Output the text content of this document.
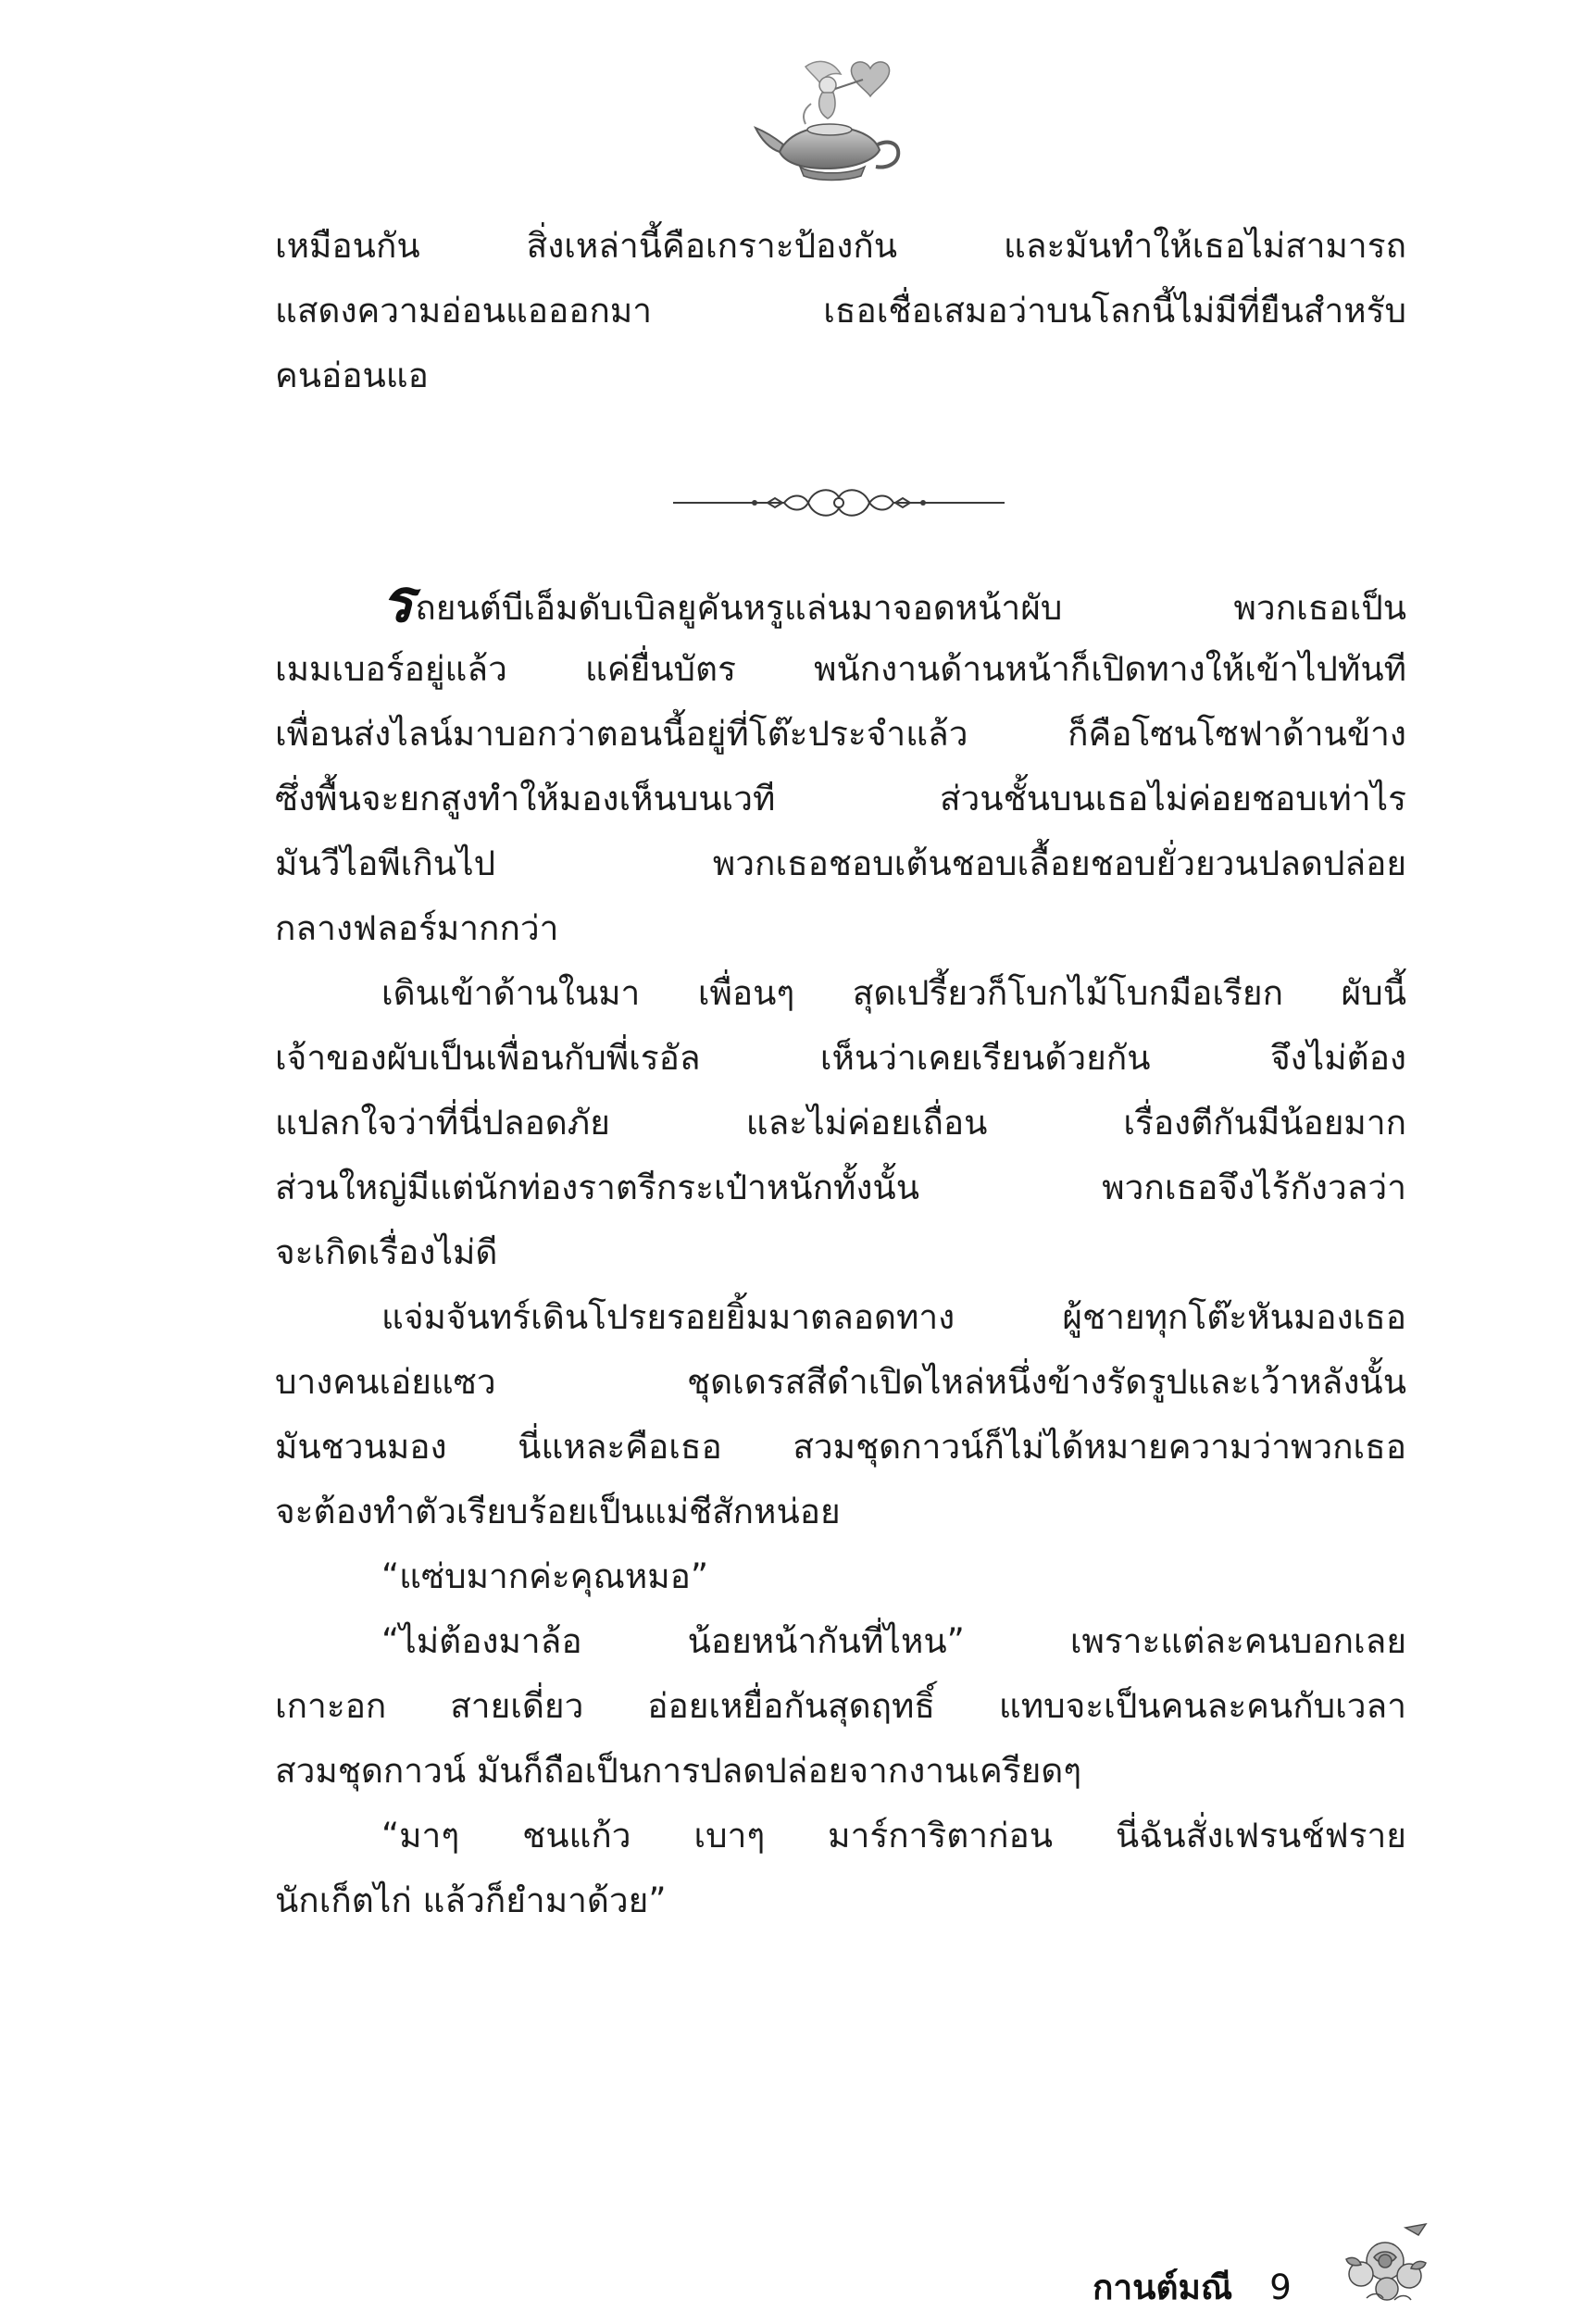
เหมือนกัน สิ่งเหล่านี้คือเกราะป้องกัน และมันทำให้เธอไม่สามารถ
แสดงความอ่อนแอออกมา เธอเชื่อเสมอว่าบนโลกนี้ไม่มีที่ยืนสำหรับ
คนอ่อนแอ
รถยนต์บีเอ็มดับเบิลยูคันหรูแล่นมาจอดหน้าผับ พวกเธอเป็น
เมมเบอร์อยู่แล้ว แค่ยื่นบัตร พนักงานด้านหน้าก็เปิดทางให้เข้าไปทันที
เพื่อนส่งไลน์มาบอกว่าตอนนี้อยู่ที่โต๊ะประจำแล้ว ก็คือโซนโซฟาด้านข้าง
ซึ่งพื้นจะยกสูงทำให้มองเห็นบนเวที ส่วนชั้นบนเธอไม่ค่อยชอบเท่าไร
มันวีไอพีเกินไป พวกเธอชอบเต้นชอบเลื้อยชอบยั่วยวนปลดปล่อย
กลางฟลอร์มากกว่า
เดินเข้าด้านในมา เพื่อนๆ สุดเปรี้ยวก็โบกไม้โบกมือเรียก ผับนี้
เจ้าของผับเป็นเพื่อนกับพี่เรอัล เห็นว่าเคยเรียนด้วยกัน จึงไม่ต้อง
แปลกใจว่าที่นี่ปลอดภัย และไม่ค่อยเถื่อน เรื่องตีกันมีน้อยมาก
ส่วนใหญ่มีแต่นักท่องราตรีกระเป๋าหนักทั้งนั้น พวกเธอจึงไร้กังวลว่า
จะเกิดเรื่องไม่ดี
แจ่มจันทร์เดินโปรยรอยยิ้มมาตลอดทาง ผู้ชายทุกโต๊ะหันมองเธอ
บางคนเอ่ยแซว ชุดเดรสสีดำเปิดไหล่หนึ่งข้างรัดรูปและเว้าหลังนั้น
มันชวนมอง นี่แหละคือเธอ สวมชุดกาวน์ก็ไม่ได้หมายความว่าพวกเธอ
จะต้องทำตัวเรียบร้อยเป็นแม่ชีสักหน่อย
“แซ่บมากค่ะคุณหมอ”
“ไม่ต้องมาล้อ น้อยหน้ากันที่ไหน” เพราะแต่ละคนบอกเลย
เกาะอก สายเดี่ยว อ่อยเหยื่อกันสุดฤทธิ์ แทบจะเป็นคนละคนกับเวลา
สวมชุดกาวน์ มันก็ถือเป็นการปลดปล่อยจากงานเครียดๆ
“มาๆ ชนแก้ว เบาๆ มาร์การิตาก่อน นี่ฉันสั่งเฟรนช์ฟราย
นักเก็ตไก่ แล้วก็ยำมาด้วย”
กานต์มณี 9
